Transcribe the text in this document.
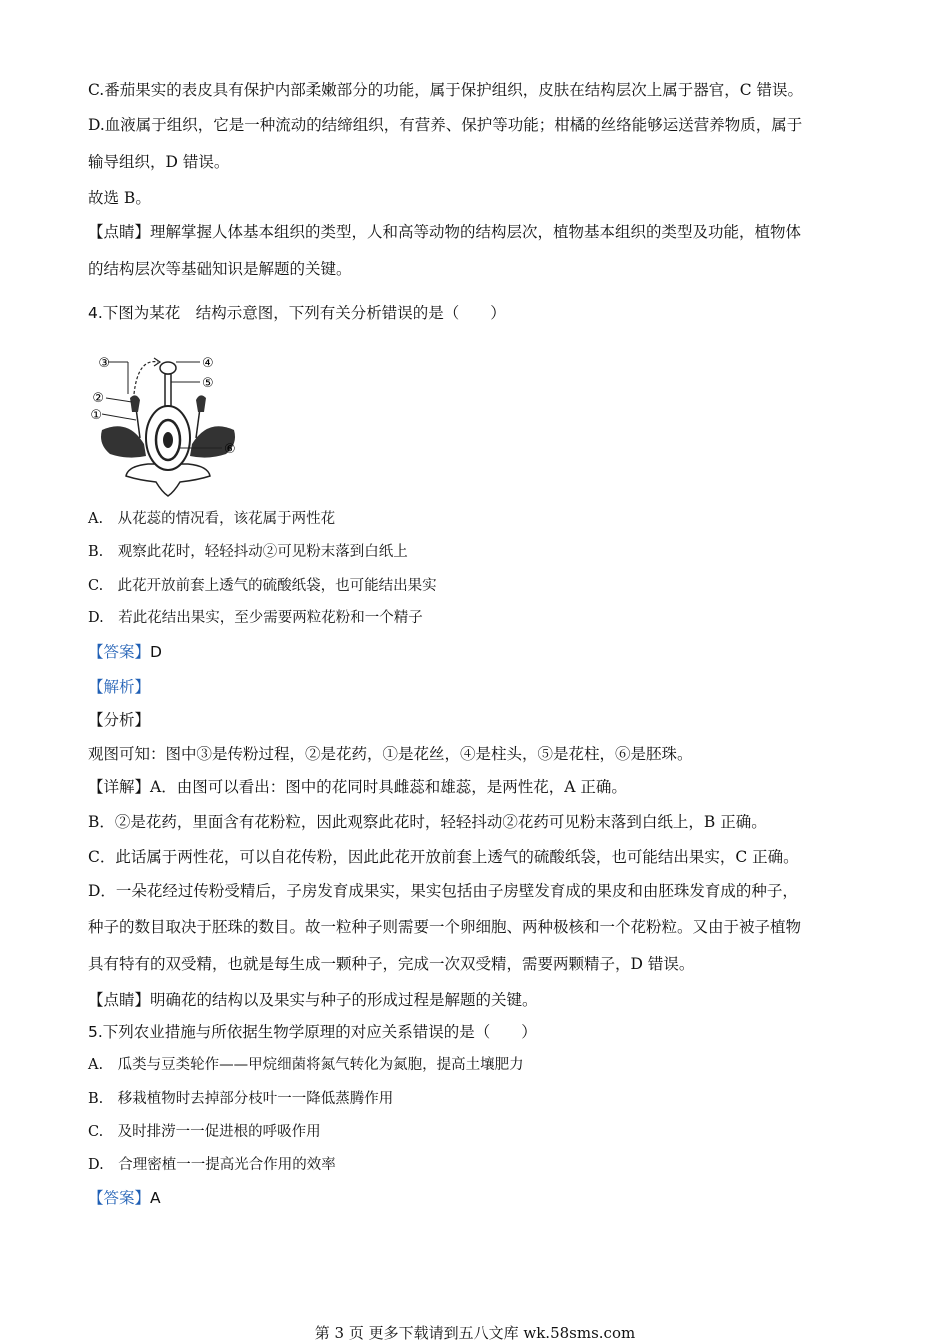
C.番茄果实的表皮具有保护内部柔嫩部分的功能，属于保护组织，皮肤在结构层次上属于器官，C 错误。
D.血液属于组织，它是一种流动的结缔组织，有营养、保护等功能；柑橘的丝络能够运送营养物质，属于
输导组织，D 错误。
故选 B。
【点睛】理解掌握人体基本组织的类型，人和高等动物的结构层次，植物基本组织的类型及功能，植物体
的结构层次等基础知识是解题的关键。
4.下图为某花　结构示意图，下列有关分析错误的是（　　）
③	④
②
⑤
①
⑥
A.　从花蕊的情况看，该花属于两性花
B.　观察此花时，轻轻抖动②可见粉末落到白纸上
C.　此花开放前套上透气的硫酸纸袋，也可能结出果实
D.　若此花结出果实，至少需要两粒花粉和一个精子
【答案】D
【解析】
【分析】
观图可知：图中③是传粉过程，②是花药，①是花丝，④是柱头，⑤是花柱，⑥是胚珠。
【详解】A．由图可以看出：图中的花同时具雌蕊和雄蕊，是两性花，A 正确。
B．②是花药，里面含有花粉粒，因此观察此花时，轻轻抖动②花药可见粉末落到白纸上，B 正确。
C．此话属于两性花，可以自花传粉，因此此花开放前套上透气的硫酸纸袋，也可能结出果实，C 正确。
D．一朵花经过传粉受精后，子房发育成果实，果实包括由子房壁发育成的果皮和由胚珠发育成的种子，
种子的数目取决于胚珠的数目。故一粒种子则需要一个卵细胞、两种极核和一个花粉粒。又由于被子植物
具有特有的双受精，也就是每生成一颗种子，完成一次双受精，需要两颗精子，D 错误。
【点睛】明确花的结构以及果实与种子的形成过程是解题的关键。
5.下列农业措施与所依据生物学原理的对应关系错误的是（　　）
A.　瓜类与豆类轮作——甲烷细菌将氮气转化为氮胞，提高土壤肥力
B.　移栽植物时去掉部分枝叶一一降低蒸腾作用
C.　及时排涝一一促进根的呼吸作用
D.　合理密植一一提高光合作用的效率
【答案】A
第 3 页 更多下载请到五八文库 wk.58sms.com
